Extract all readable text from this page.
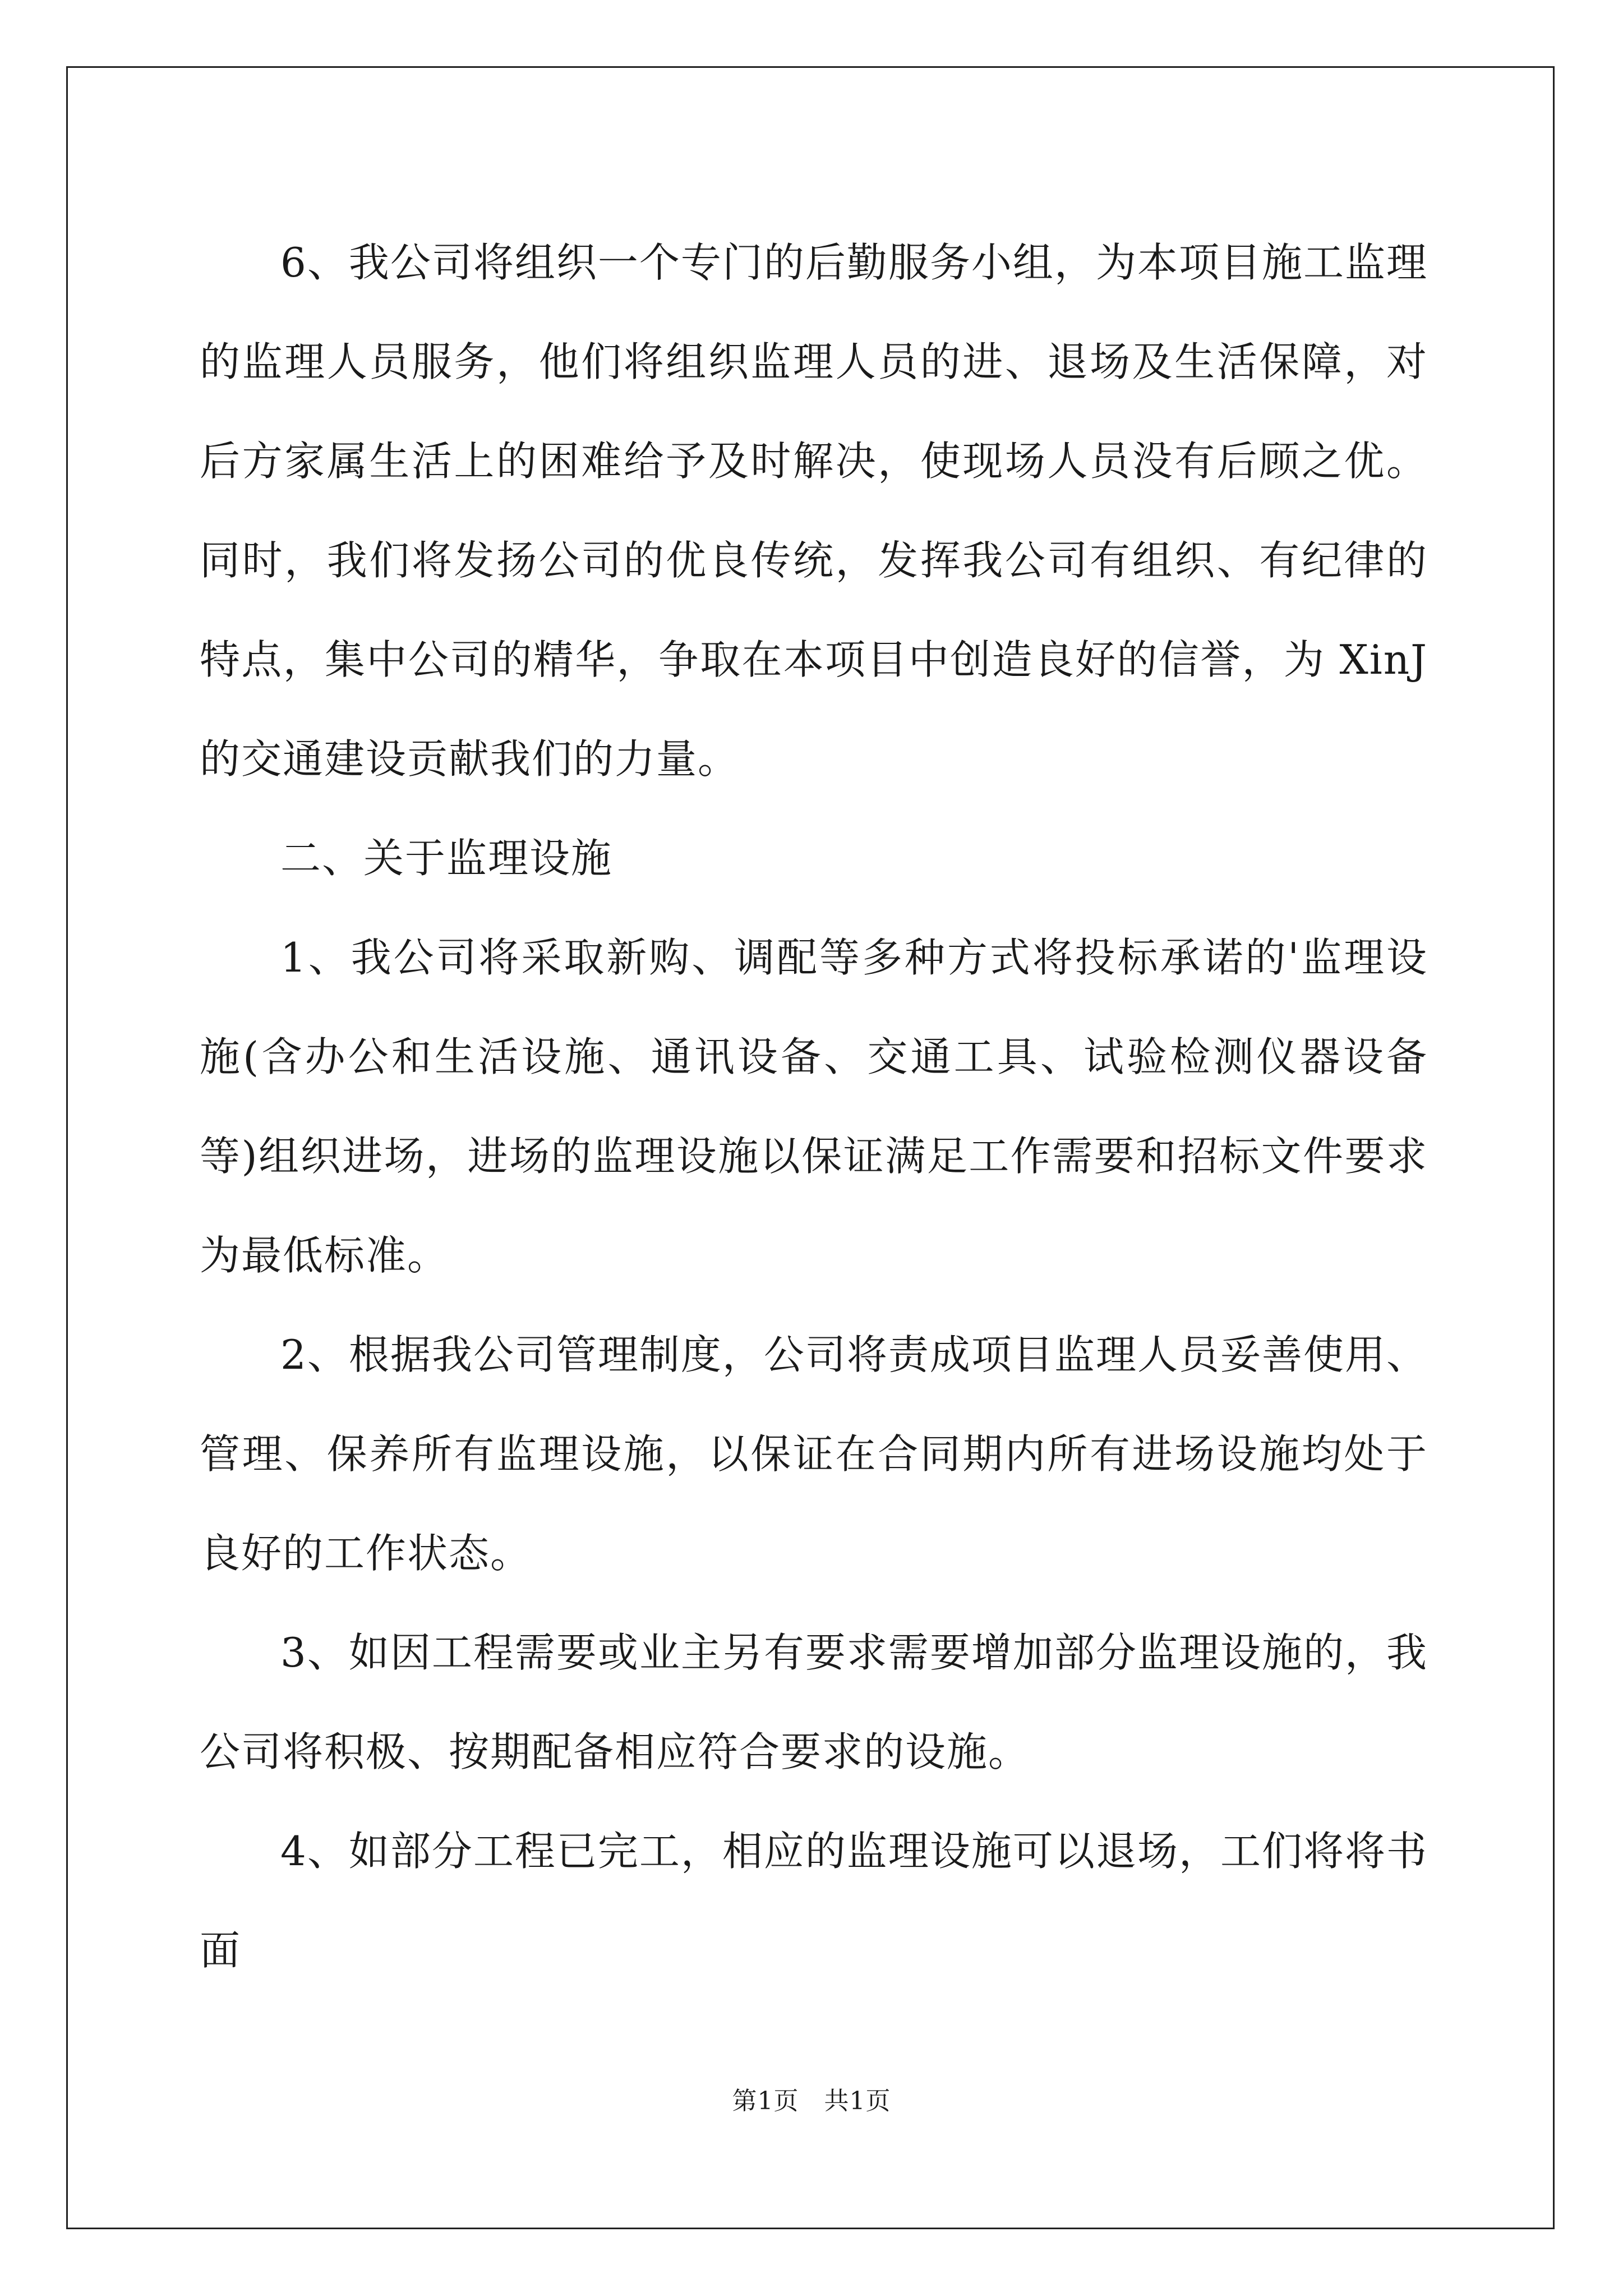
6、我公司将组织一个专门的后勤服务小组，为本项目施工监理的监理人员服务，他们将组织监理人员的进、退场及生活保障，对后方家属生活上的困难给予及时解决，使现场人员没有后顾之优。同时，我们将发扬公司的优良传统，发挥我公司有组织、有纪律的特点，集中公司的精华，争取在本项目中创造良好的信誉，为 XinJ 的交通建设贡献我们的力量。

二、关于监理设施

1、我公司将采取新购、调配等多种方式将投标承诺的'监理设施(含办公和生活设施、通讯设备、交通工具、试验检测仪器设备等)组织进场，进场的监理设施以保证满足工作需要和招标文件要求为最低标准。

2、根据我公司管理制度，公司将责成项目监理人员妥善使用、管理、保养所有监理设施，以保证在合同期内所有进场设施均处于良好的工作状态。

3、如因工程需要或业主另有要求需要增加部分监理设施的，我公司将积极、按期配备相应符合要求的设施。

4、如部分工程已完工，相应的监理设施可以退场，工们将将书面

第1页　共1页
